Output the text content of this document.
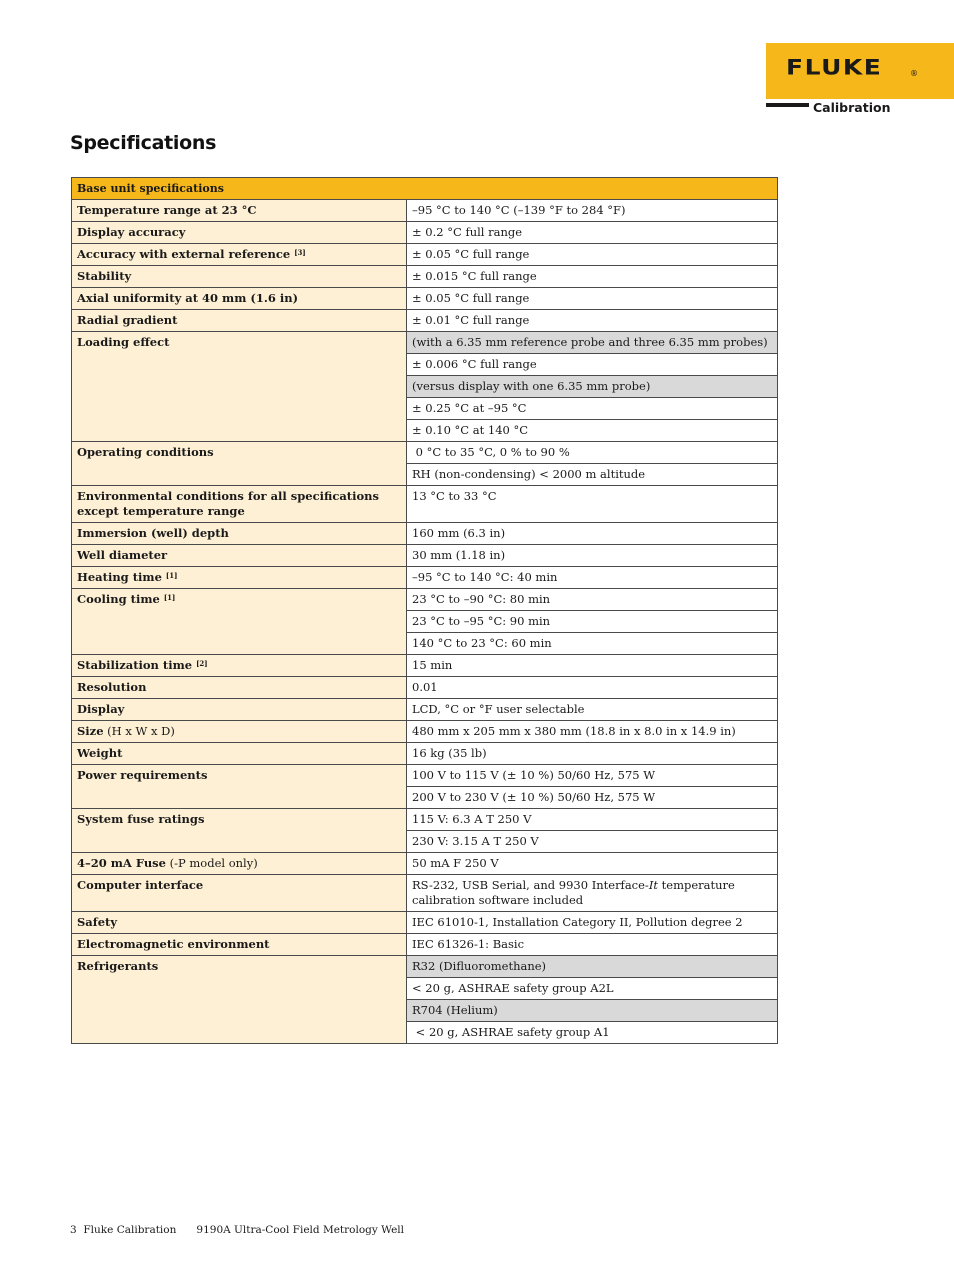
FLUKE	®
Calibration
Specifications
Base unit specifications	
Temperature range at 23 °C	–95 °C to 140 °C (–139 °F to 284 °F)
Display accuracy	± 0.2 °C full range
Accuracy with external reference [3]	± 0.05 °C full range
Stability	± 0.015 °C full range
Axial uniformity at 40 mm (1.6 in)	± 0.05 °C full range
Radial gradient	± 0.01 °C full range
Loading effect	(with a 6.35 mm reference probe and three 6.35 mm probes)
	± 0.006 °C full range
	(versus display with one 6.35 mm probe)
	± 0.25 °C at –95 °C
	± 0.10 °C at 140 °C
Operating conditions	0 °C to 35 °C, 0 % to 90 %
	RH (non-condensing) < 2000 m altitude
Environmental conditions for all specifications except temperature range	13 °C to 33 °C
Immersion (well) depth	160 mm (6.3 in)
Well diameter	30 mm (1.18 in)
Heating time [1]	–95 °C to 140 °C: 40 min
Cooling time [1]	23 °C to –90 °C: 80 min
	23 °C to –95 °C: 90 min
	140 °C to 23 °C: 60 min
Stabilization time [2]	15 min
Resolution	0.01
Display	LCD, °C or °F user selectable
Size (H x W x D)	480 mm x 205 mm x 380 mm (18.8 in x 8.0 in x 14.9 in)
Weight	16 kg (35 lb)
Power requirements	100 V to 115 V (± 10 %) 50/60 Hz, 575 W
	200 V to 230 V (± 10 %) 50/60 Hz, 575 W
System fuse ratings	115 V: 6.3 A T 250 V
	230 V: 3.15 A T 250 V
4–20 mA Fuse (-P model only)	50 mA F 250 V
Computer interface	RS-232, USB Serial, and 9930 Interface-It temperature calibration software included
Safety	IEC 61010-1, Installation Category II, Pollution degree 2
Electromagnetic environment	IEC 61326-1: Basic
Refrigerants	R32 (Difluoromethane)
	< 20 g, ASHRAE safety group A2L
	R704 (Helium)
	< 20 g, ASHRAE safety group A1
3 Fluke Calibration 9190A Ultra-Cool Field Metrology Well
